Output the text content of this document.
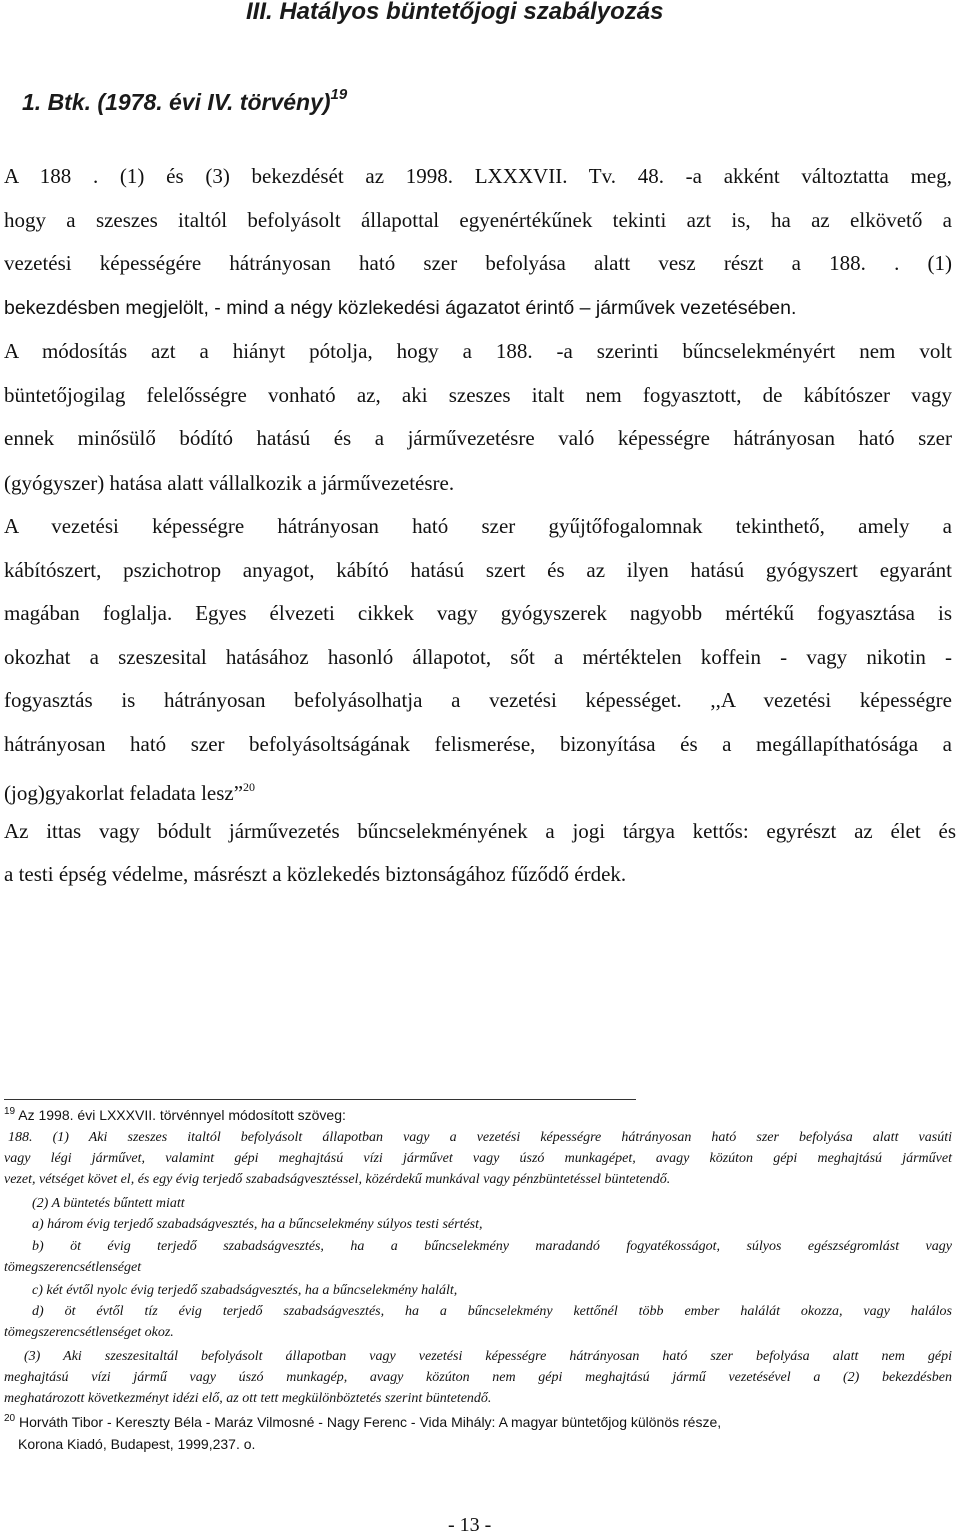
III. Hatályos büntetőjogi szabályozás
1. Btk. (1978. évi IV. törvény)$^{19}$
A 188 . (1) és (3) bekezdését az 1998. LXXXVII. Tv. 48. -a akként változtatta meg,
hogy a szeszes italtól befolyásolt állapottal egyenértékűnek tekinti azt is, ha az elkövető a
vezetési képességére hátrányosan ható szer befolyása alatt vesz részt a 188. . (1)
bekezdésben megjelölt, - mind a négy közlekedési ágazatot érintő – járművek vezetésében.
A módosítás azt a hiányt pótolja, hogy a 188. -a szerinti bűncselekményért nem volt
büntetőjogilag felelősségre vonható az, aki szeszes italt nem fogyasztott, de kábítószer vagy
ennek minősülő bódító hatású és a járművezetésre való képességre hátrányosan ható szer
(gyógyszer) hatása alatt vállalkozik a járművezetésre.
A vezetési képességre hátrányosan ható szer gyűjtőfogalomnak tekinthető, amely a
kábítószert, pszichotrop anyagot, kábító hatású szert és az ilyen hatású gyógyszert egyaránt
magában foglalja. Egyes élvezeti cikkek vagy gyógyszerek nagyobb mértékű fogyasztása is
okozhat a szeszesital hatásához hasonló állapotot, sőt a mértéktelen koffein - vagy nikotin -
fogyasztás is hátrányosan befolyásolhatja a vezetési képességet. ,,A vezetési képességre
hátrányosan ható szer befolyásoltságának felismerése, bizonyítása és a megállapíthatósága a
(jog)gyakorlat feladata lesz”$^{20}$
Az ittas vagy bódult járművezetés bűncselekményének a jogi tárgya kettős: egyrészt az élet és
a testi épség védelme, másrészt a közlekedés biztonságához fűződő érdek.
$^{19}$ Az 1998. évi LXXXVII. törvénnyel módosított szöveg:
188. (1) Aki szeszes italtól befolyásolt állapotban vagy a vezetési képességre hátrányosan ható szer befolyása alatt vasúti
vagy légi járművet, valamint gépi meghajtású vízi járművet vagy úszó munkagépet, avagy közúton gépi meghajtású járművet
vezet, vétséget követ el, és egy évig terjedő szabadságvesztéssel, közérdekű munkával vagy pénzbüntetéssel büntetendő.
(2) A büntetés bűntett miatt
a) három évig terjedő szabadságvesztés, ha a bűncselekmény súlyos testi sértést,
b) öt évig terjedő szabadságvesztés, ha a bűncselekmény maradandó fogyatékosságot, súlyos egészségromlást vagy
tömegszerencsétlenséget
c) két évtől nyolc évig terjedő szabadságvesztés, ha a bűncselekmény halált,
d) öt évtől tíz évig terjedő szabadságvesztés, ha a bűncselekmény kettőnél több ember halálát okozza, vagy halálos
tömegszerencsétlenséget okoz.
(3) Aki szeszesitaltál befolyásolt állapotban vagy vezetési képességre hátrányosan ható szer befolyása alatt nem gépi
meghajtású vízi jármű vagy úszó munkagép, avagy közúton nem gépi meghajtású jármű vezetésével a (2) bekezdésben
meghatározott következményt idézi elő, az ott tett megkülönböztetés szerint büntetendő.
$^{20}$ Horváth Tibor - Kereszty Béla - Maráz Vilmosné - Nagy Ferenc - Vida Mihály: A magyar büntetőjog különös része,
Korona Kiadó, Budapest, 1999,237. o.
- 13 -
